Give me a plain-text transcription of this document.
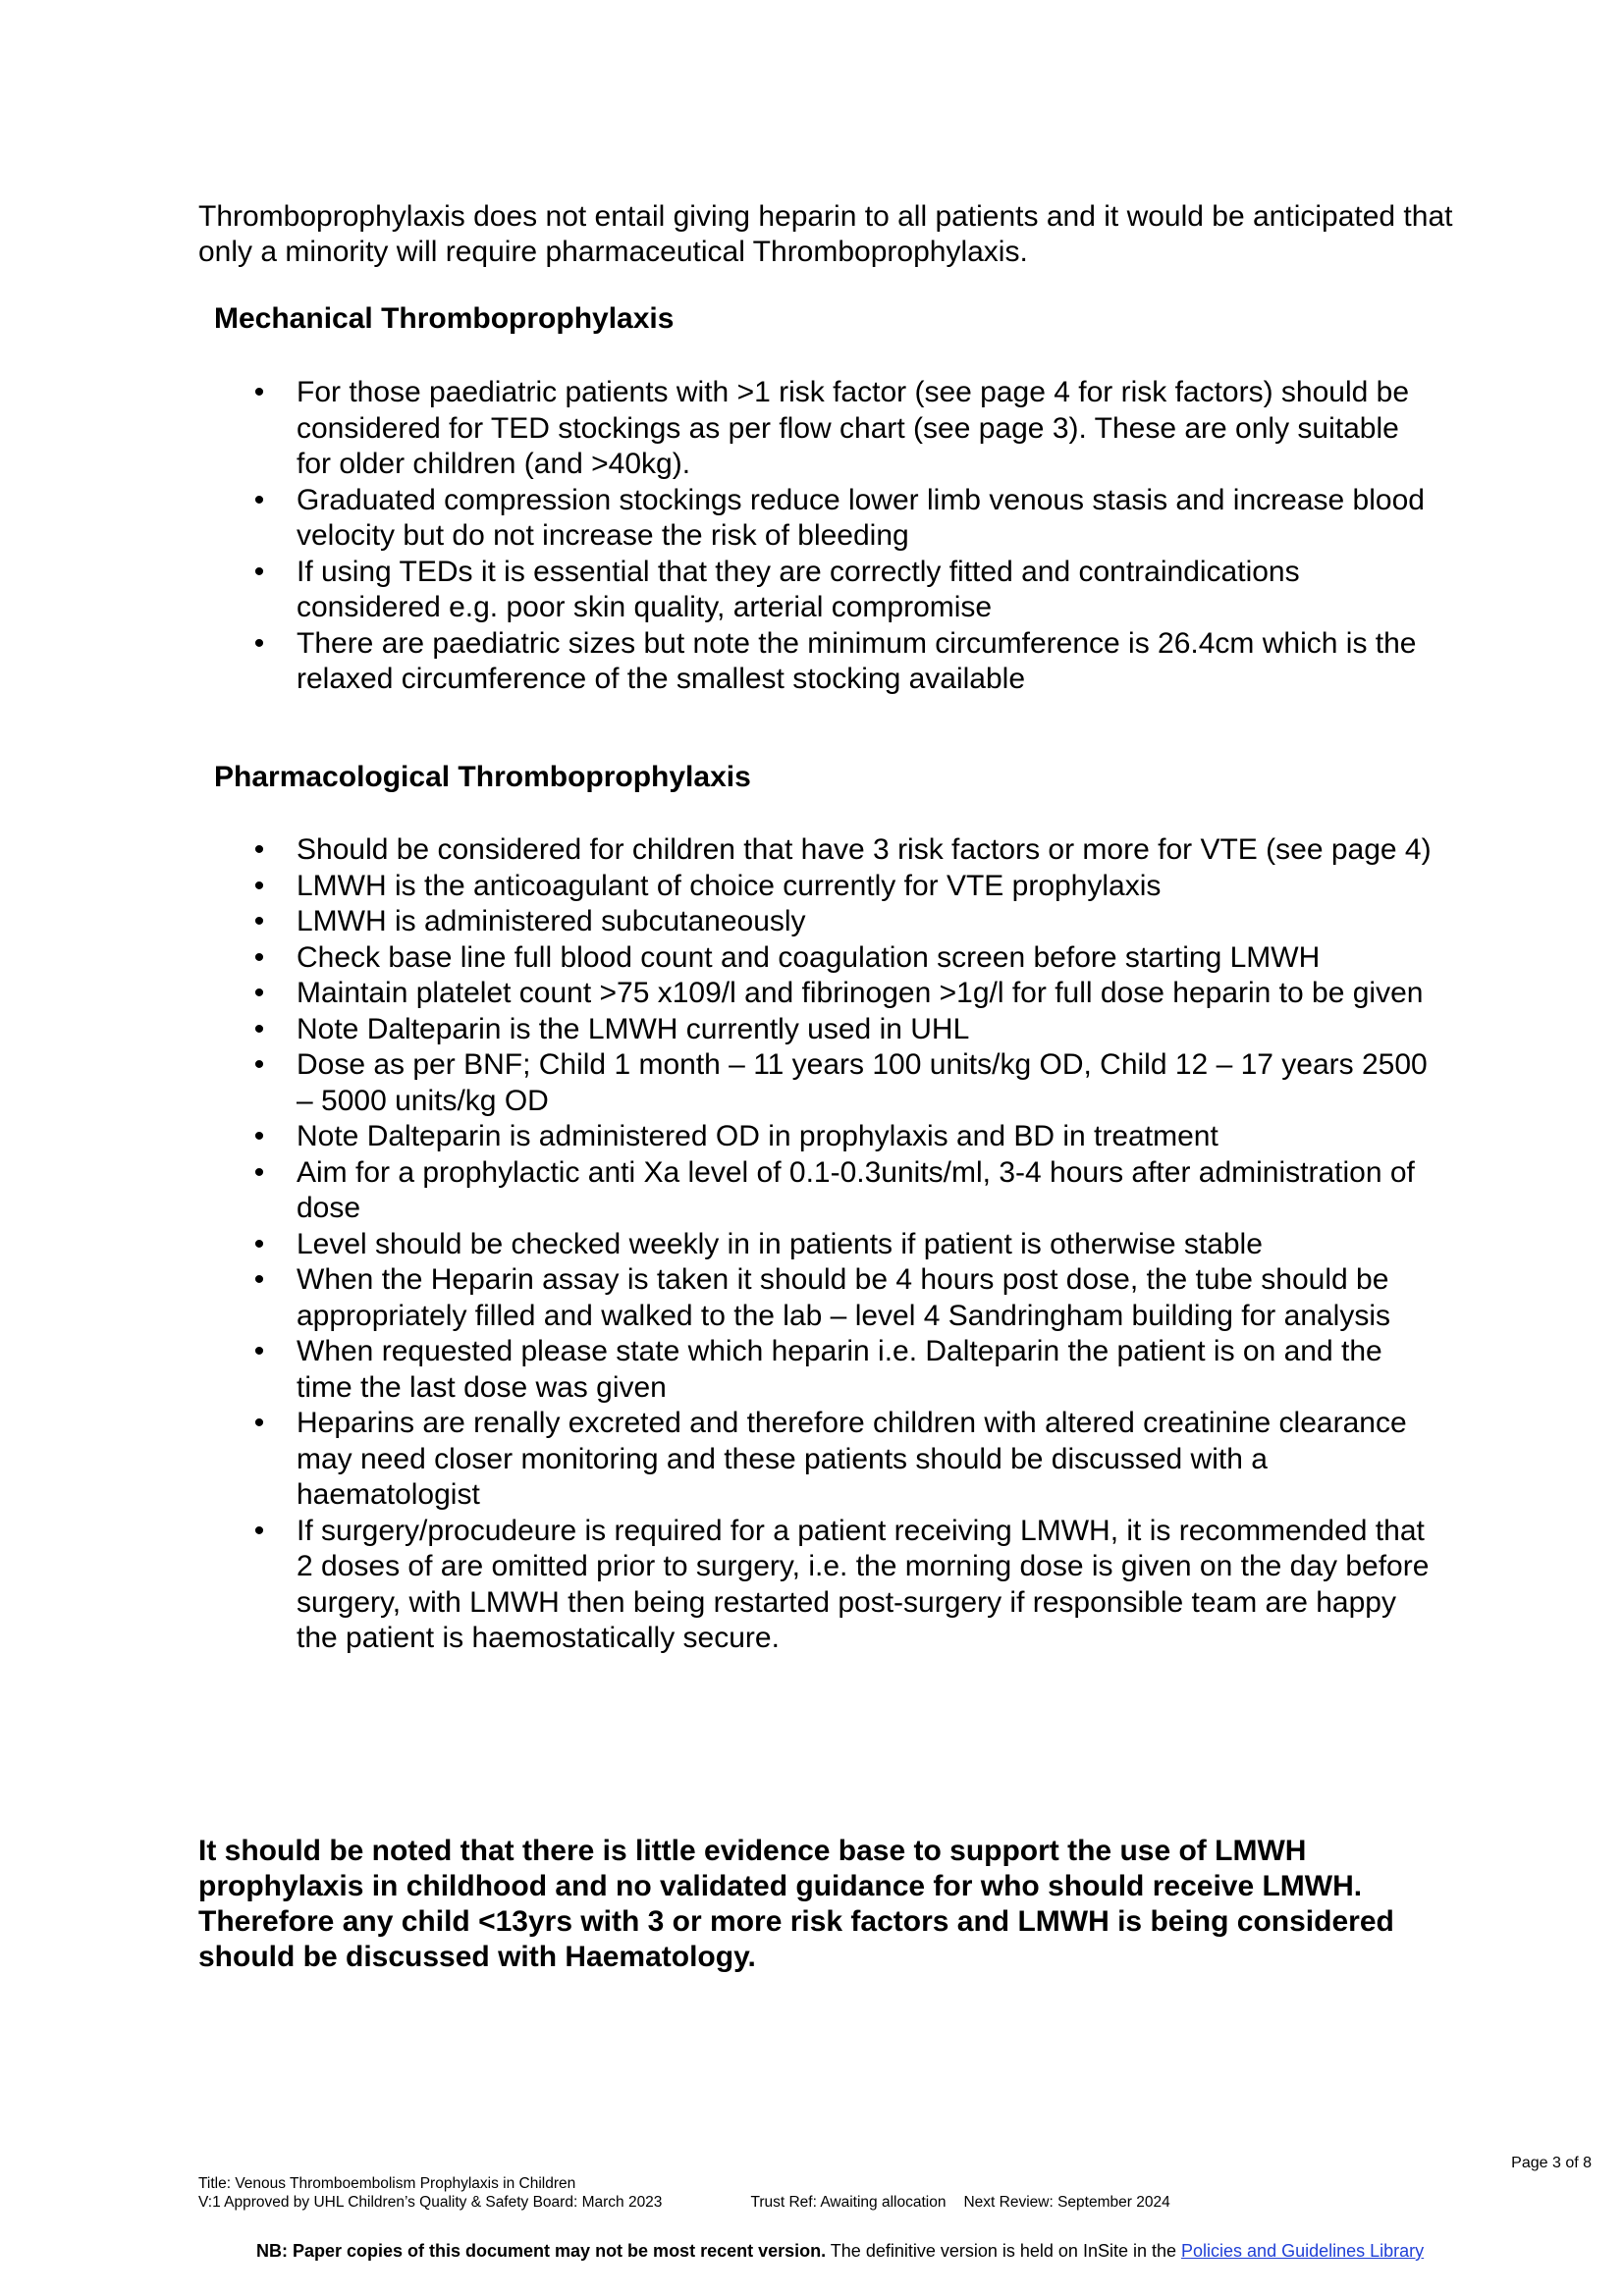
Thromboprophylaxis does not entail giving heparin to all patients and it would be anticipated that only a minority will require pharmaceutical Thromboprophylaxis.

Mechanical Thromboprophylaxis
• For those paediatric patients with >1 risk factor (see page 4 for risk factors) should be considered for TED stockings as per flow chart (see page 3). These are only suitable for older children (and >40kg).
• Graduated compression stockings reduce lower limb venous stasis and increase blood velocity but do not increase the risk of bleeding
• If using TEDs it is essential that they are correctly fitted and contraindications considered e.g. poor skin quality, arterial compromise
• There are paediatric sizes but note the minimum circumference is 26.4cm which is the relaxed circumference of the smallest stocking available
Pharmacological Thromboprophylaxis
• Should be considered for children that have 3 risk factors or more for VTE (see page 4)
• LMWH is the anticoagulant of choice currently for VTE prophylaxis
• LMWH is administered subcutaneously
• Check base line full blood count and coagulation screen before starting LMWH
• Maintain platelet count >75 x109/l and fibrinogen >1g/l for full dose heparin to be given
• Note Dalteparin is the LMWH currently used in UHL
• Dose as per BNF; Child 1 month – 11 years 100 units/kg OD, Child 12 – 17 years 2500 – 5000 units/kg OD
• Note Dalteparin is administered OD in prophylaxis and BD in treatment
• Aim for a prophylactic anti Xa level of 0.1-0.3units/ml, 3-4 hours after administration of dose
• Level should be checked weekly in in patients if patient is otherwise stable
• When the Heparin assay is taken it should be 4 hours post dose, the tube should be appropriately filled and walked to the lab – level 4 Sandringham building for analysis
• When requested please state which heparin i.e. Dalteparin the patient is on and the time the last dose was given
• Heparins are renally excreted and therefore children with altered creatinine clearance may need closer monitoring and these patients should be discussed with a haematologist
• If surgery/procudeure is required for a patient receiving LMWH, it is recommended that 2 doses of are omitted prior to surgery, i.e. the morning dose is given on the day before surgery, with LMWH then being restarted post-surgery if responsible team are happy the patient is haemostatically secure.

It should be noted that there is little evidence base to support the use of LMWH prophylaxis in childhood and no validated guidance for who should receive LMWH. Therefore any child <13yrs with 3 or more risk factors and LMWH is being considered should be discussed with Haematology.

Page 3 of 8
Title: Venous Thromboembolism Prophylaxis in Children
V:1 Approved by UHL Children’s Quality & Safety Board: March 2023	Trust Ref: Awaiting allocation Next Review: September 2024
NB: Paper copies of this document may not be most recent version. The definitive version is held on InSite in the Policies and Guidelines Library
